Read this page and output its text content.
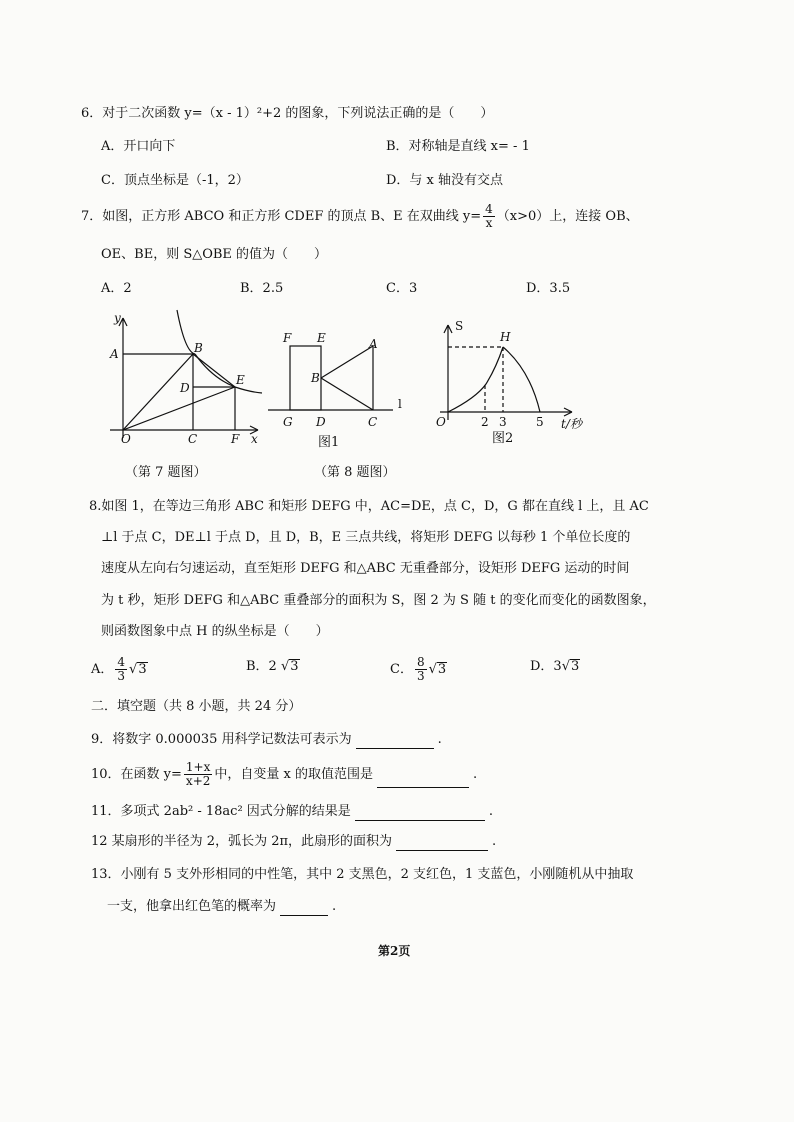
6．对于二次函数 y=（x - 1）²+2 的图象，下列说法正确的是（　　）
A．开口向下	B．对称轴是直线 x= - 1
C．顶点坐标是（-1，2）	D．与 x 轴没有交点
7．如图，正方形 ABCO 和正方形 CDEF 的顶点 B、E 在双曲线 $y= \frac{4}{x} (x>0)$上，连接 OB、
OE、BE，则 S△OBE 的值为（　　）
A．2	B．2.5	C．3	D．3.5
y
A	B
D
E
O	C	F x
F E	A
B
G D	C
l
图1
S
H
O	2 3 5 t/秒
图2
（第 7 题图）	（第 8 题图）
8.如图 1，在等边三角形 ABC 和矩形 DEFG 中，AC=DE，点 C，D，G 都在直线 l 上，且 AC
⊥l 于点 C，DE⊥l 于点 D，且 D，B，E 三点共线，将矩形 DEFG 以每秒 1 个单位长度的
速度从左向右匀速运动，直至矩形 DEFG 和△ABC 无重叠部分，设矩形 DEFG 运动的时间
为 t 秒，矩形 DEFG 和△ABC 重叠部分的面积为 S，图 2 为 S 随 t 的变化而变化的函数图象，
则函数图象中点 H 的纵坐标是（　　）
A． $\frac{4}{3} √3$	B．2 √3	C． $\frac{8}{3} √3$	D．3√3
二．填空题（共 8 小题，共 24 分）
9．将数字 0.000035 用科学记数法可表示为	.
10．在函数 $y= \frac{1+x}{x+2}$ 中，自变量 x 的取值范围是	.
11．多项式 2ab² - 18ac² 因式分解的结果是	.
12 某扇形的半径为 2，弧长为 2π，此扇形的面积为	.
13．小刚有 5 支外形相同的中性笔，其中 2 支黑色，2 支红色，1 支蓝色，小刚随机从中抽取
一支，他拿出红色笔的概率为	.
第2页
